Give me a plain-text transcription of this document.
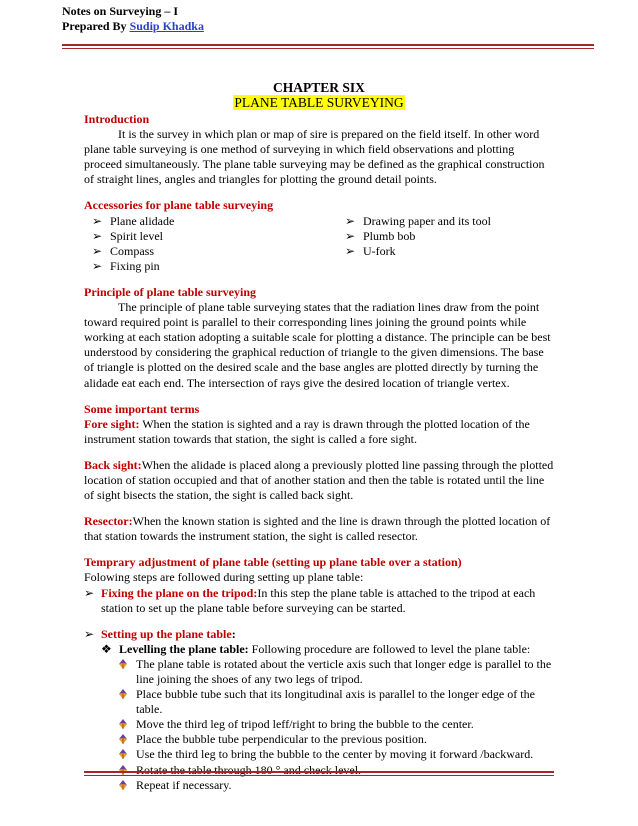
Notes on Surveying – I
Prepared By Sudip Khadka
CHAPTER SIX
PLANE TABLE SURVEYING

Introduction

It is the survey in which plan or map of sire is prepared on the field itself. In other word plane table surveying is one method of surveying in which field observations and plotting proceed simultaneously. The plane table surveying may be defined as the graphical construction of straight lines, angles and triangles for plotting the ground detail points.

Accessories for plane table surveying

➢ Plane alidade
➢ Spirit level
➢ Compass
➢ Fixing pin
➢ Drawing paper and its tool
➢ Plumb bob
➢ U-fork

Principle of plane table surveying

The principle of plane table surveying states that the radiation lines draw from the point toward required point is parallel to their corresponding lines joining the ground points while working at each station adopting a suitable scale for plotting a distance. The principle can be best understood by considering the graphical reduction of triangle to the given dimensions. The base of triangle is plotted on the desired scale and the base angles are plotted directly by turning the alidade eat each end. The intersection of rays give the desired location of triangle vertex.

Some important terms

Fore sight: When the station is sighted and a ray is drawn through the plotted location of the instrument station towards that station, the sight is called a fore sight.

Back sight:When the alidade is placed along a previously plotted line passing through the plotted location of station occupied and that of another station and then the table is rotated until the line of sight bisects the station, the sight is called back sight.

Resector:When the known station is sighted and the line is drawn through the plotted location of that station towards the instrument station, the sight is called resector.

Temprary adjustment of plane table (setting up plane table over a station)

Folowing steps are followed during setting up plane table:

➢ Fixing the plane on the tripod:In this step the plane table is attached to the tripod at each station to set up the plane table before surveying can be started.
➢ Setting up the plane table:
❖ Levelling the plane table: Following procedure are followed to level the plane table:
The plane table is rotated about the verticle axis such that longer edge is parallel to the line joining the shoes of any two legs of tripod.
Place bubble tube such that its longitudinal axis is parallel to the longer edge of the table.
Move the third leg of tripod leff/right to bring the bubble to the center.
Place the bubble tube perpendicular to the previous position.
Use the third leg to bring the bubble to the center by moving it forward /backward.
Rotate the table through 180 ° and check level.
Repeat if necessary.
